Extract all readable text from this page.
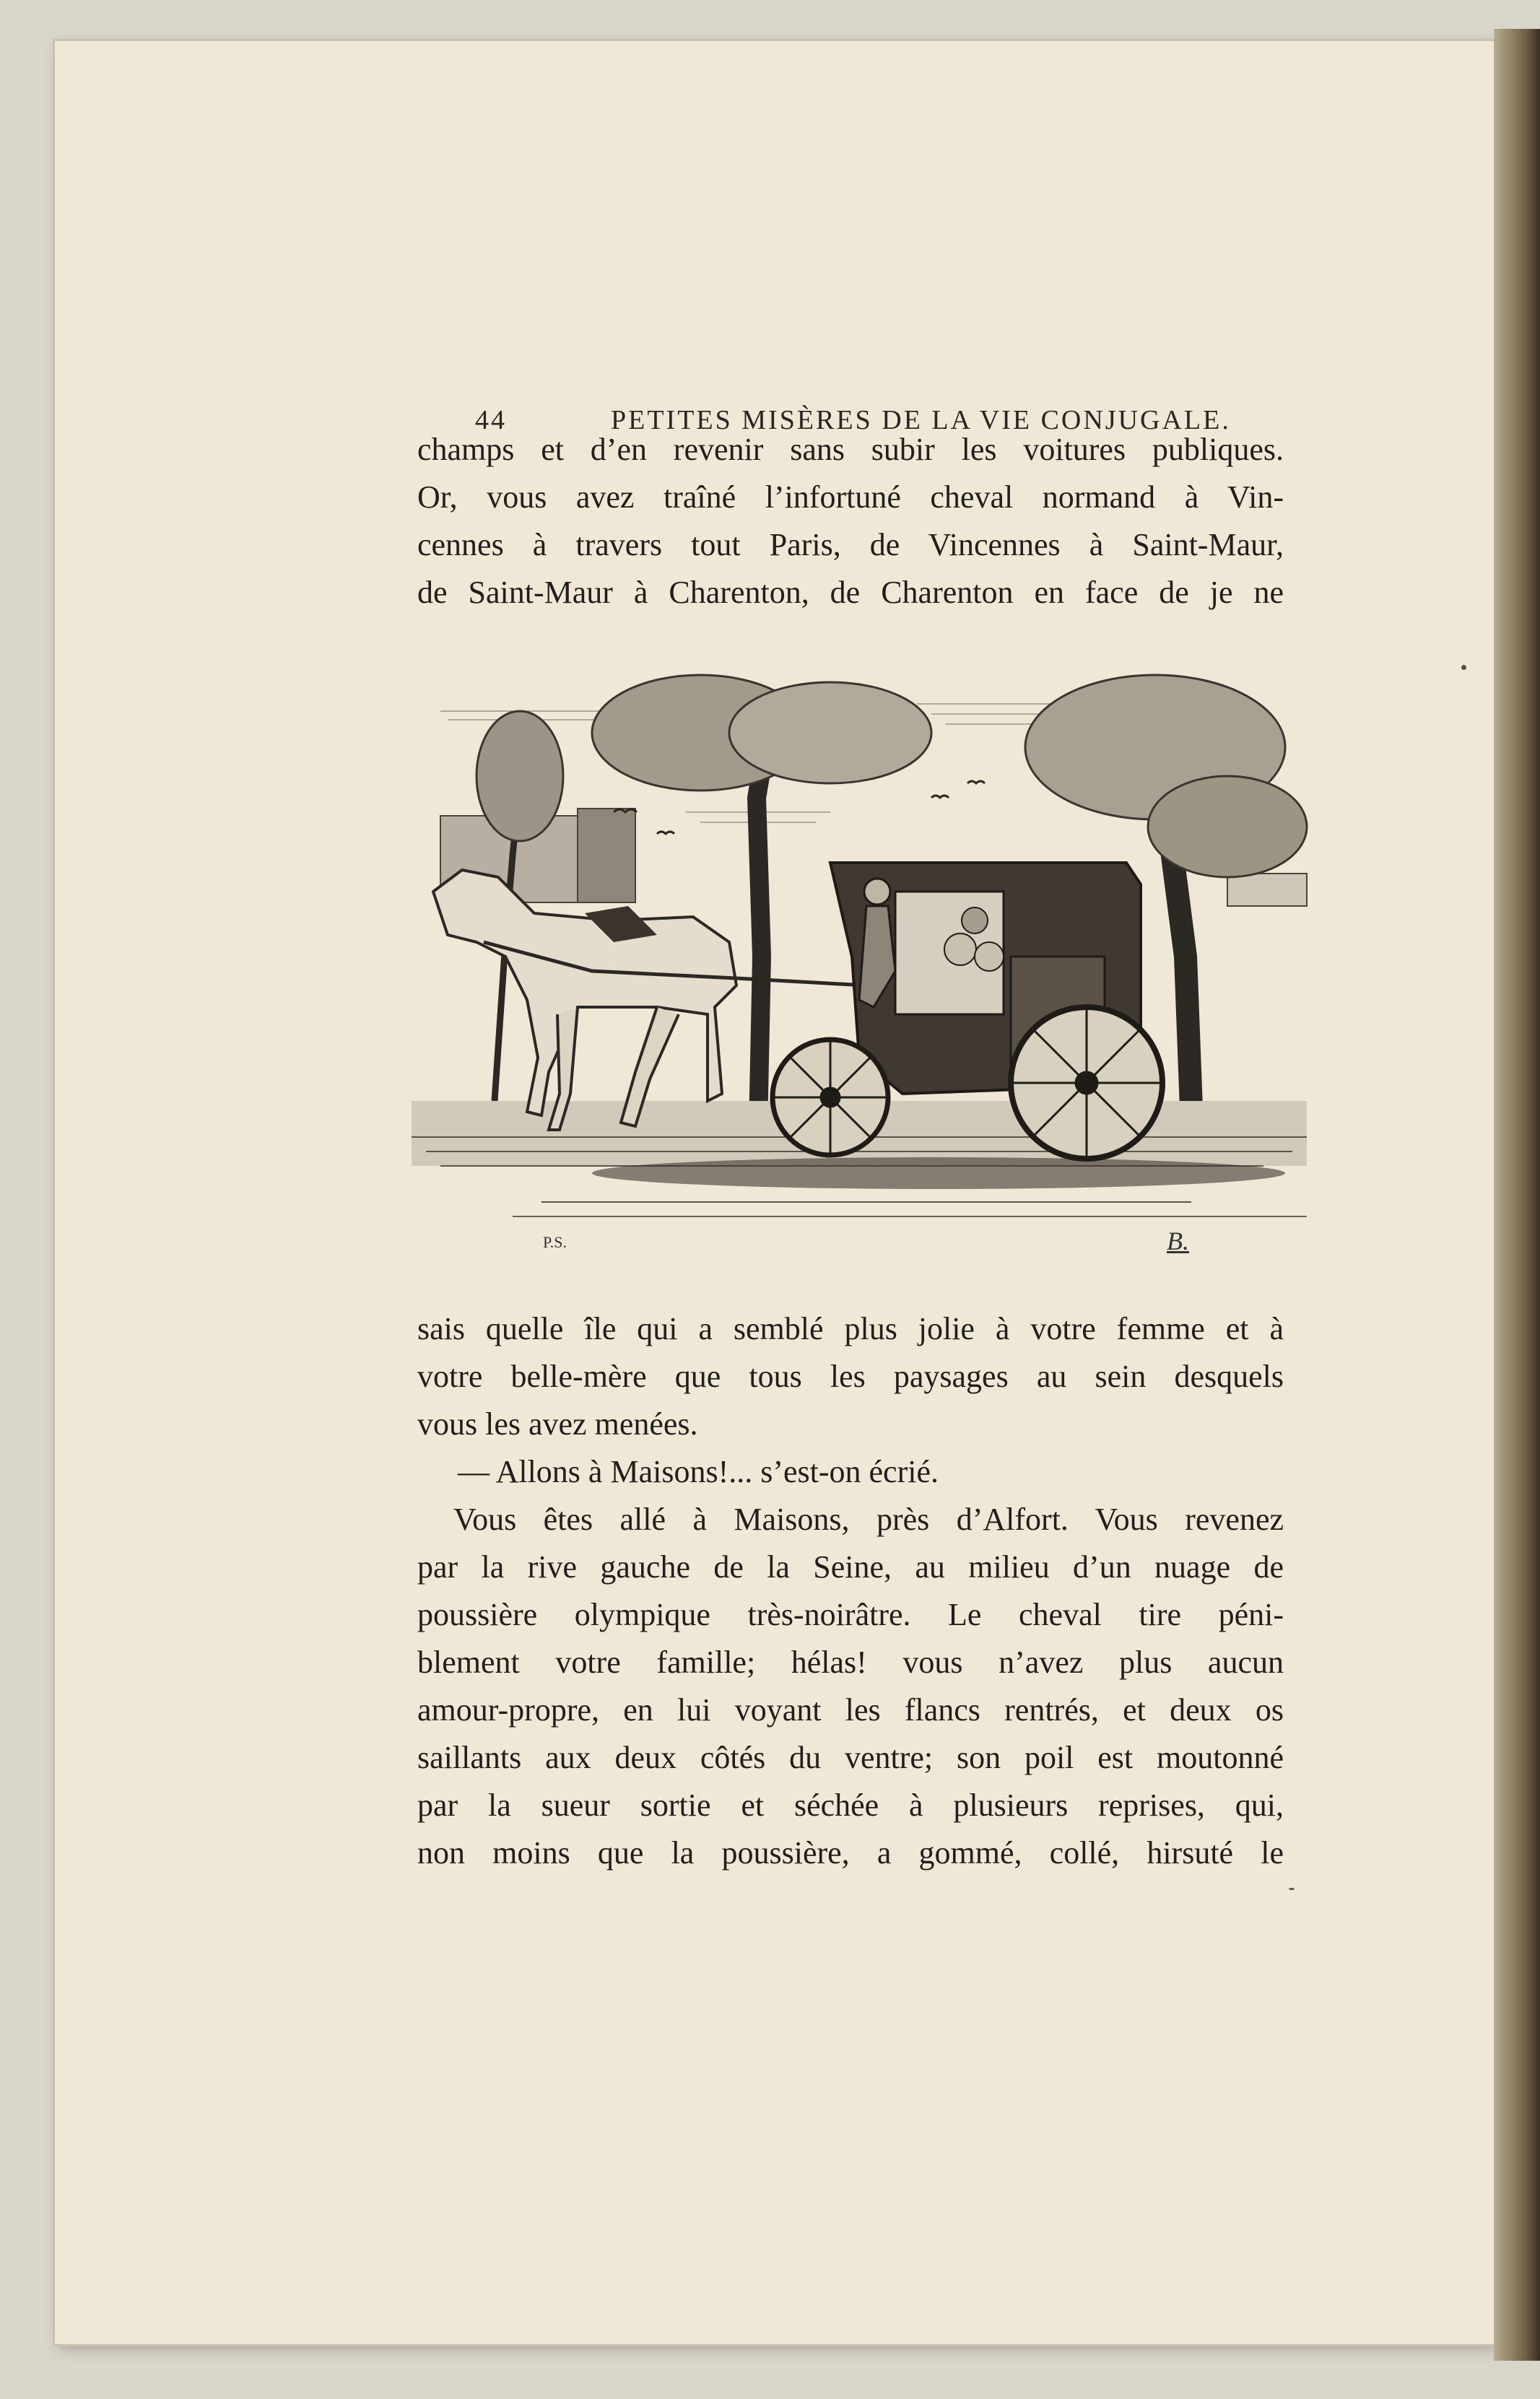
44	PETITES MISÈRES DE LA VIE CONJUGALE.
champs et d’en revenir sans subir les voitures publiques.
Or, vous avez traîné l’infortuné cheval normand à Vin-
cennes à travers tout Paris, de Vincennes à Saint-Maur,
de Saint-Maur à Charenton, de Charenton en face de je ne
P.S.	B.
sais quelle île qui a semblé plus jolie à votre femme et à
votre belle-mère que tous les paysages au sein desquels
vous les avez menées.
— Allons à Maisons!... s’est-on écrié.
Vous êtes allé à Maisons, près d’Alfort. Vous revenez
par la rive gauche de la Seine, au milieu d’un nuage de
poussière olympique très-noirâtre. Le cheval tire péni-
blement votre famille; hélas! vous n’avez plus aucun
amour-propre, en lui voyant les flancs rentrés, et deux os
saillants aux deux côtés du ventre; son poil est moutonné
par la sueur sortie et séchée à plusieurs reprises, qui,
non moins que la poussière, a gommé, collé, hirsuté le
